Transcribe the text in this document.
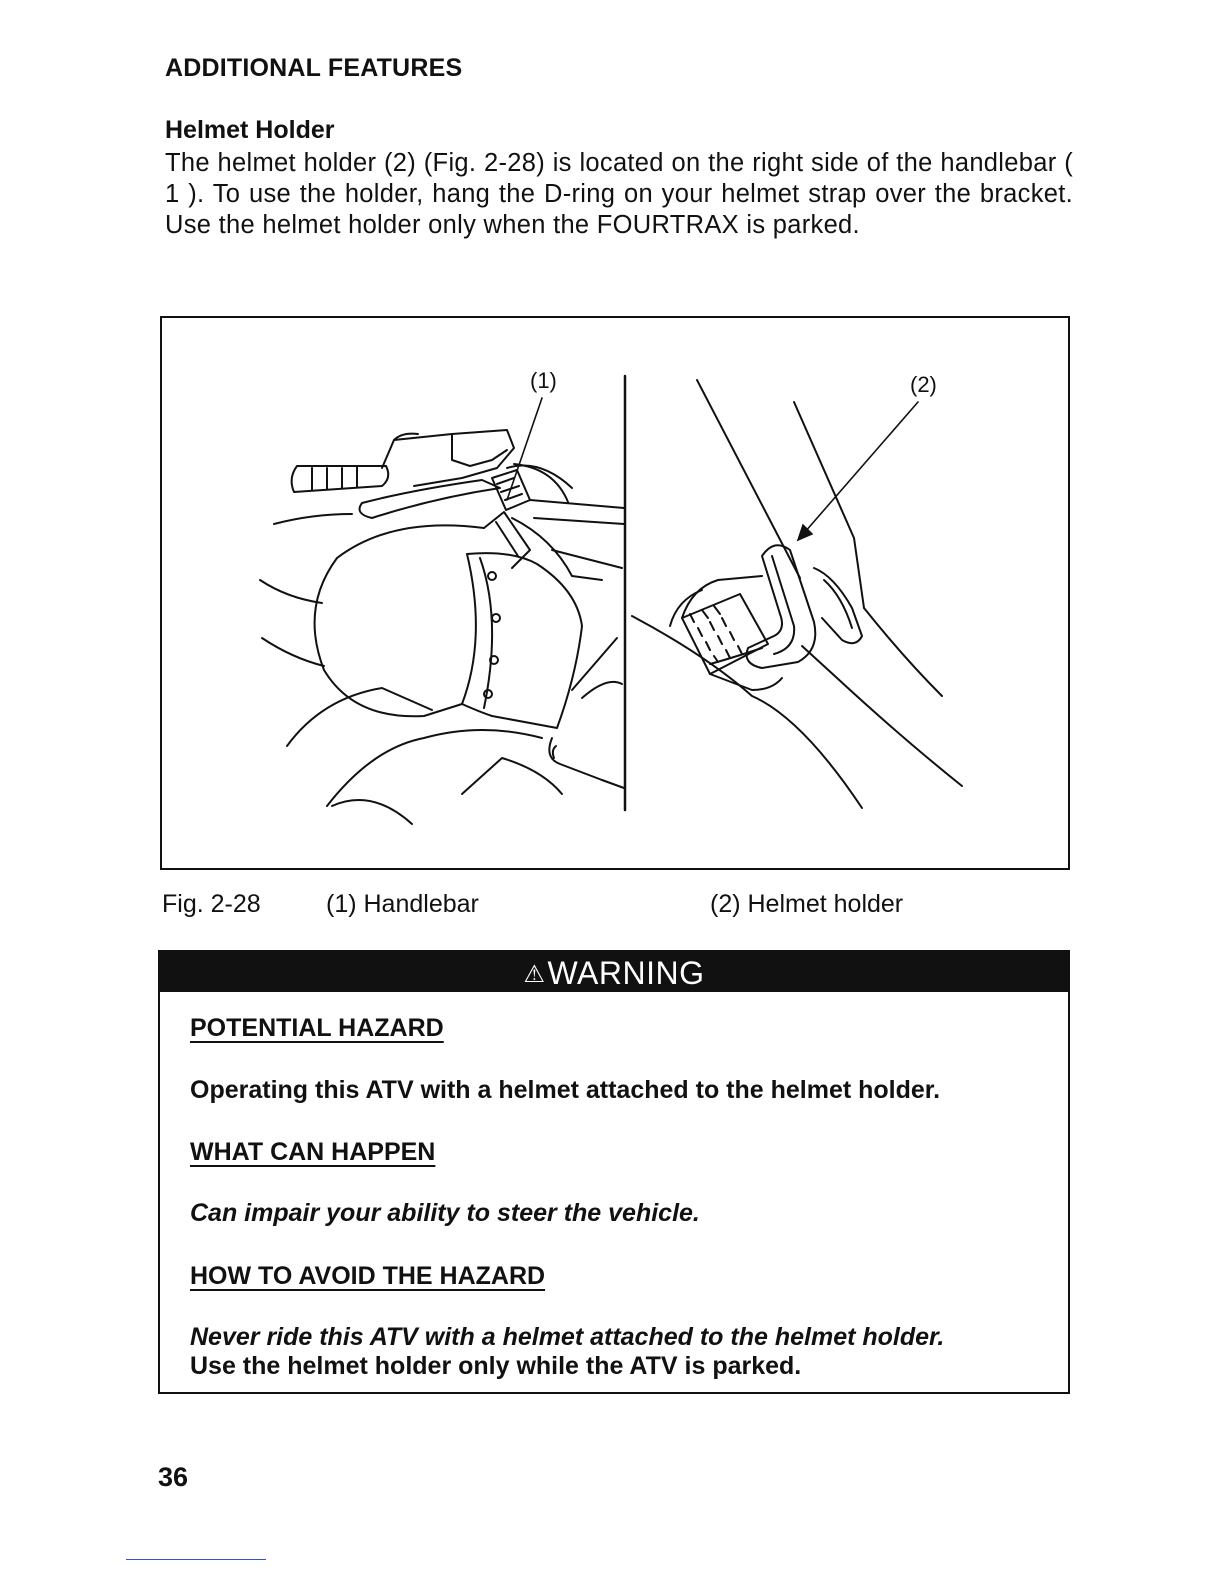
ADDITIONAL FEATURES
Helmet Holder

The helmet holder (2) (Fig. 2-28) is located on the right side of the handlebar ( 1 ). To use the holder, hang the D-ring on your helmet strap over the bracket. Use the helmet holder only when the FOURTRAX is parked.

(1)	(2)
Fig. 2-28	(1) Handlebar	(2) Helmet holder
⚠WARNING
POTENTIAL HAZARD

Operating this ATV with a helmet attached to the helmet holder.

WHAT CAN HAPPEN

Can impair your ability to steer the vehicle.

HOW TO AVOID THE HAZARD

Never ride this ATV with a helmet attached to the helmet holder.

Use the helmet holder only while the ATV is parked.

36
